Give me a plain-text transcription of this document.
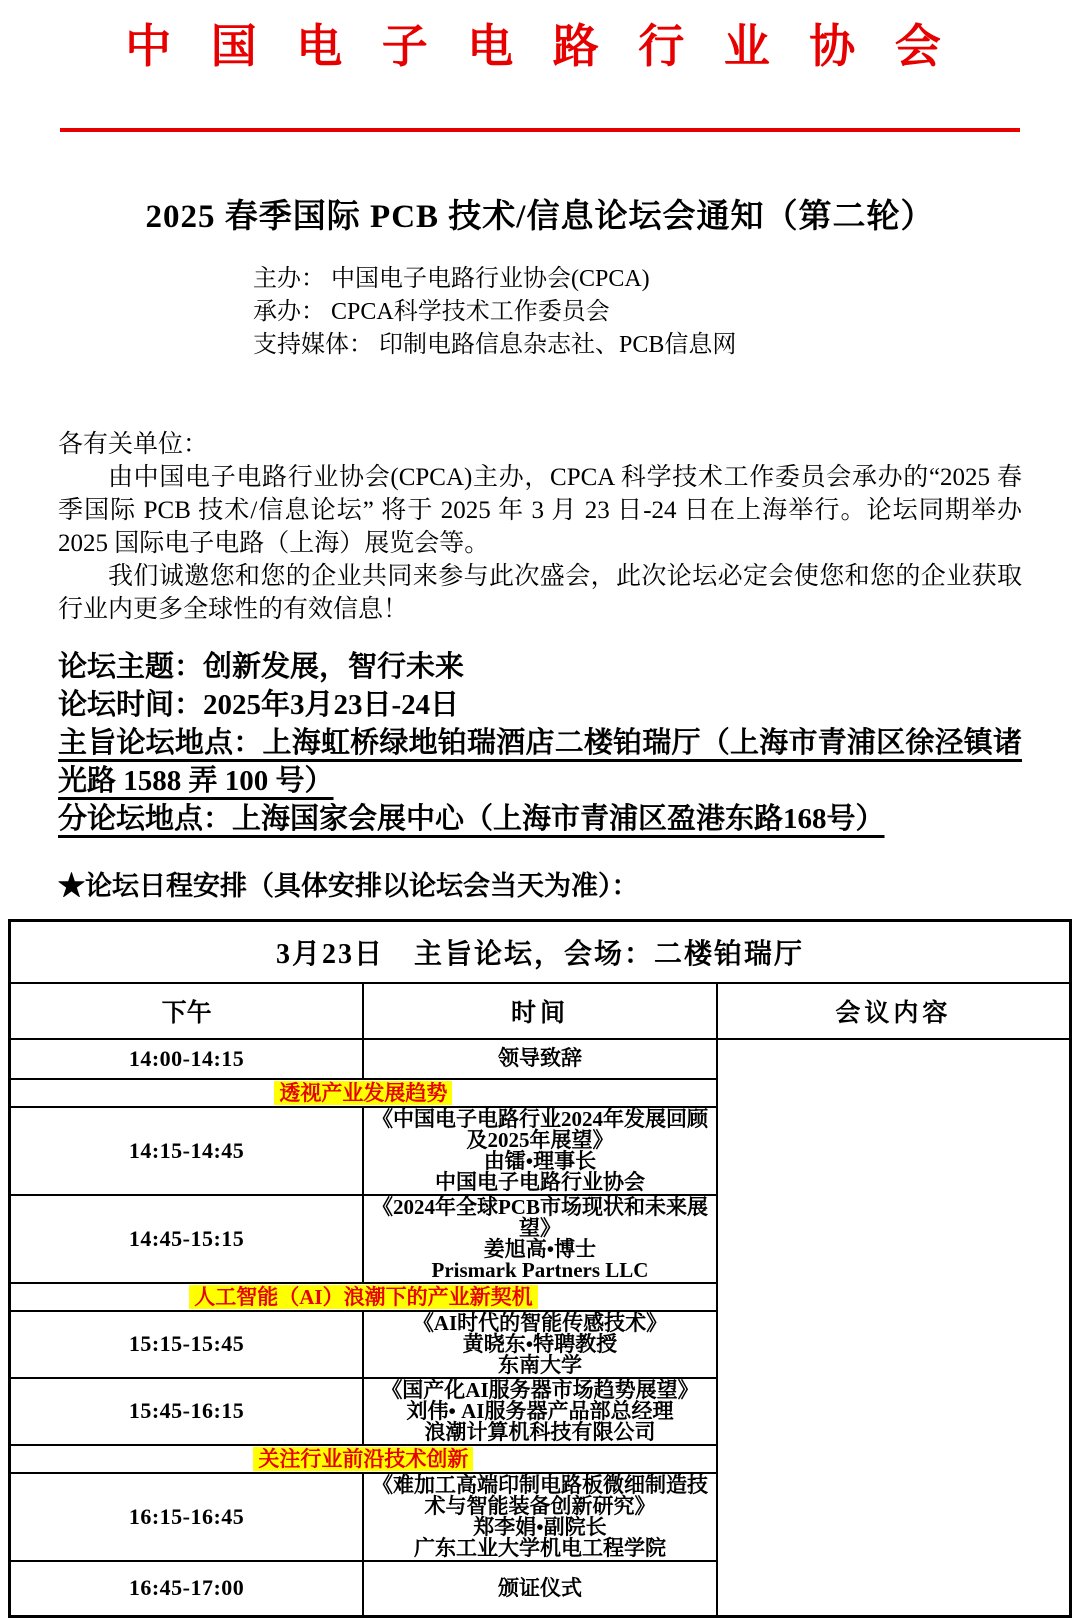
中 国 电 子 电 路 行 业 协 会
2025 春季国际 PCB 技术/信息论坛会通知（第二轮）
主办： 中国电子电路行业协会(CPCA)
承办： CPCA科学技术工作委员会
支持媒体： 印制电路信息杂志社、PCB信息网

各有关单位：

由中国电子电路行业协会(CPCA)主办，CPCA 科学技术工作委员会承办的“2025 春季国际 PCB 技术/信息论坛” 将于 2025 年 3 月 23 日-24 日在上海举行。论坛同期举办 2025 国际电子电路（上海）展览会等。

我们诚邀您和您的企业共同来参与此次盛会，此次论坛必定会使您和您的企业获取行业内更多全球性的有效信息！

论坛主题：创新发展，智行未来

论坛时间：2025年3月23日-24日

主旨论坛地点：上海虹桥绿地铂瑞酒店二楼铂瑞厅（上海市青浦区徐泾镇诸光路 1588 弄 100 号）

分论坛地点：上海国家会展中心（上海市青浦区盈港东路168号）

★论坛日程安排（具体安排以论坛会当天为准）：

3月23日　主旨论坛，会场：二楼铂瑞厅		
下午	时间	会议内容
14:00-14:15	领导致辞	

透视产业发展趋势		
14:15-14:45	《中国电子电路行业2024年发展回顾及2025年展望》
由镭•理事长
中国电子电路行业协会	

14:45-15:15	《2024年全球PCB市场现状和未来展望》
姜旭高•博士
Prismark Partners LLC	

人工智能（AI）浪潮下的产业新契机		
15:15-15:45	《AI时代的智能传感技术》
黄晓东•特聘教授
东南大学	

15:45-16:15	《国产化AI服务器市场趋势展望》
刘伟• AI服务器产品部总经理
浪潮计算机科技有限公司	

关注行业前沿技术创新		
16:15-16:45	《难加工高端印制电路板微细制造技术与智能装备创新研究》
郑李娟•副院长
广东工业大学机电工程学院	

16:45-17:00	颁证仪式	
